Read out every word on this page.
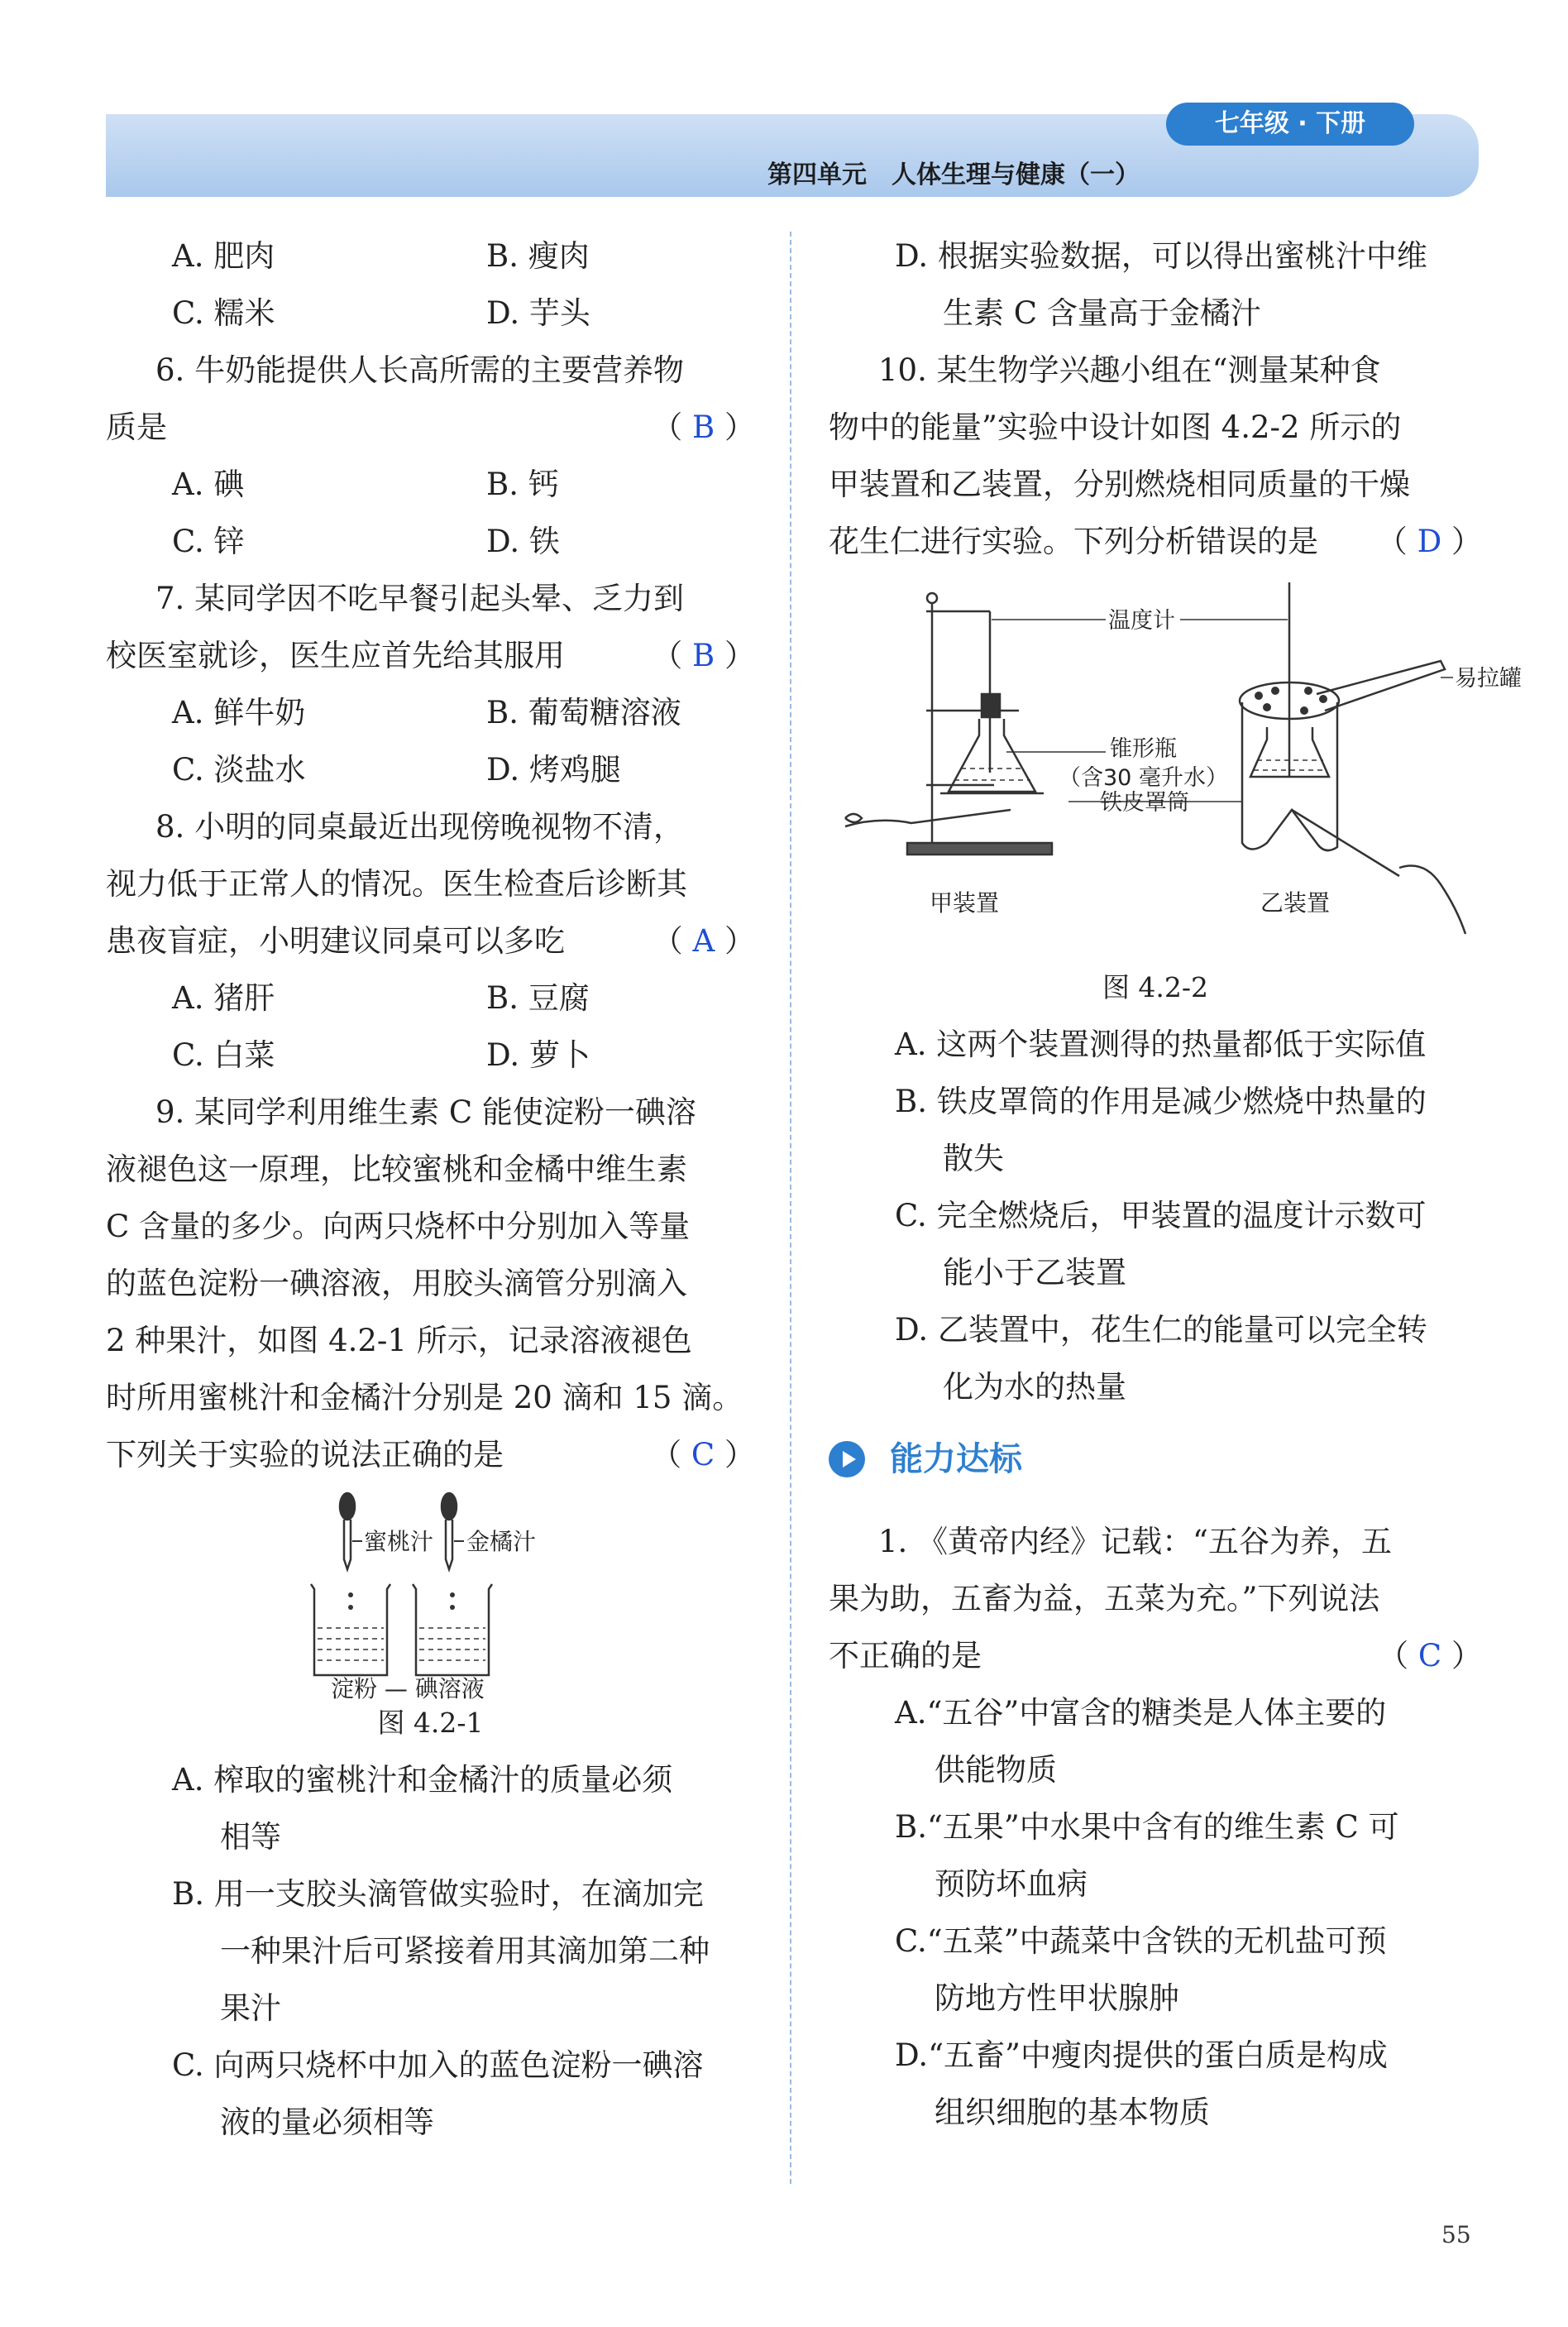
七年级 · 下册
第四单元　人体生理与健康（一）
A. 肥肉	B. 瘦肉
C. 糯米	D. 芋头
6. 牛奶能提供人长高所需的主要营养物
质是	（ B ）
A. 碘	B. 钙
C. 锌	D. 铁
7. 某同学因不吃早餐引起头晕、乏力到
校医室就诊，医生应首先给其服用	（ B ）
A. 鲜牛奶	B. 葡萄糖溶液
C. 淡盐水	D. 烤鸡腿
8. 小明的同桌最近出现傍晚视物不清，
视力低于正常人的情况。医生检查后诊断其
患夜盲症，小明建议同桌可以多吃	（ A ）
A. 猪肝	B. 豆腐
C. 白菜	D. 萝卜
9. 某同学利用维生素 C 能使淀粉一碘溶
液褪色这一原理，比较蜜桃和金橘中维生素
C 含量的多少。向两只烧杯中分别加入等量
的蓝色淀粉一碘溶液，用胶头滴管分别滴入
2 种果汁，如图 4.2-1 所示，记录溶液褪色
时所用蜜桃汁和金橘汁分别是 20 滴和 15 滴。
下列关于实验的说法正确的是	（ C ）
蜜桃汁 金橘汁
淀粉 — 碘溶液
图 4.2-1
A. 榨取的蜜桃汁和金橘汁的质量必须
相等
B. 用一支胶头滴管做实验时，在滴加完
一种果汁后可紧接着用其滴加第二种
果汁
C. 向两只烧杯中加入的蓝色淀粉一碘溶
液的量必须相等
D. 根据实验数据，可以得出蜜桃汁中维
生素 C 含量高于金橘汁
10. 某生物学兴趣小组在“测量某种食
物中的能量”实验中设计如图 4.2-2 所示的
甲装置和乙装置，分别燃烧相同质量的干燥
花生仁进行实验。下列分析错误的是 （ D ）
温度计
易拉罐
锥形瓶
（含30 毫升水）
铁皮罩筒
甲装置	乙装置
图 4.2-2
A. 这两个装置测得的热量都低于实际值
B. 铁皮罩筒的作用是减少燃烧中热量的
散失
C. 完全燃烧后，甲装置的温度计示数可
能小于乙装置
D. 乙装置中，花生仁的能量可以完全转
化为水的热量
能力达标
1. 《黄帝内经》记载：“五谷为养，五
果为助，五畜为益，五菜为充。”下列说法
不正确的是	（ C ）
A.“五谷”中富含的糖类是人体主要的
供能物质
B.“五果”中水果中含有的维生素 C 可
预防坏血病
C.“五菜”中蔬菜中含铁的无机盐可预
防地方性甲状腺肿
D.“五畜”中瘦肉提供的蛋白质是构成
组织细胞的基本物质
55
